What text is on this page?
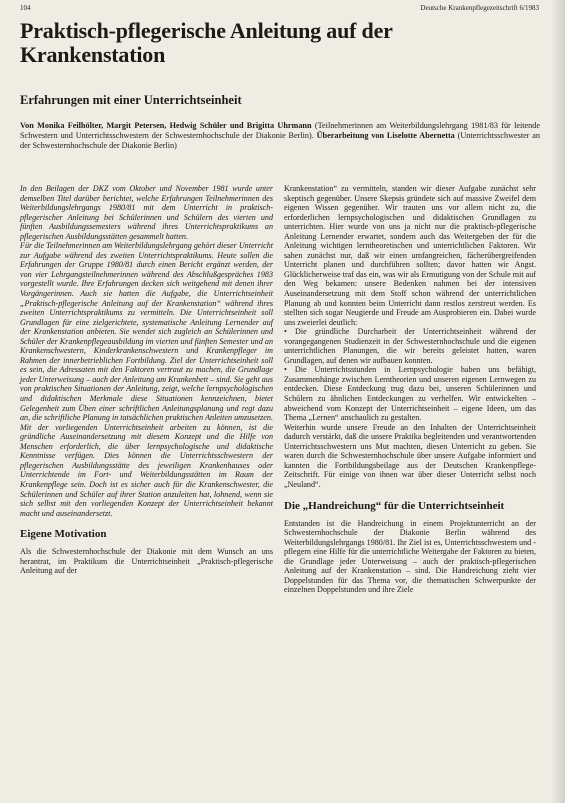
104	Deutsche Krankenpflegezeitschrift 6/1983
Praktisch-pflegerische Anleitung auf der Krankenstation
Erfahrungen mit einer Unterrichtseinheit

Von Monika Feilhölter, Margit Petersen, Hedwig Schüler und Brigitta Uhrmann (Teilnehmerinnen am Weiterbildungslehrgang 1981/83 für leitende Schwestern und Unterrichtsschwestern der Schwesternhochschule der Diakonie Berlin). Überarbeitung von Liselotte Abernetta (Unterrichtsschwester an der Schwesternhochschule der Diakonie Berlin)

In den Beilagen der DKZ vom Oktober und November 1981 wurde unter demselben Titel darüber berichtet, welche Erfahrungen Teilnehmerinnen des Weiterbildungslehrgangs 1980/81 mit dem Unterricht in praktisch-pflegerischer Anleitung bei Schülerinnen und Schülern des vierten und fünften Ausbildungssemesters während ihres Unterrichtspraktikums an pflegerischen Ausbildungsstätten gesammelt hatten.

Für die Teilnehmerinnen am Weiterbildungslehrgang gehört dieser Unterricht zur Aufgabe während des zweiten Unterrichtspraktikums. Heute sollen die Erfahrungen der Gruppe 1980/81 durch einen Bericht ergänzt werden, der von vier Lehrgangsteilnehmerinnen während des Abschlußgespräches 1983 vorgestellt wurde. Ihre Erfahrungen decken sich weitgehend mit denen ihrer Vorgängerinnen. Auch sie hatten die Aufgabe, die Unterrichtseinheit „Praktisch-pflegerische Anleitung auf der Krankenstation“ während ihres zweiten Unterrichtspraktikums zu vermitteln. Die Unterrichtseinheit soll Grundlagen für eine zielgerichtete, systematische Anleitung Lernender auf der Krankenstation anbieten. Sie wendet sich zugleich an Schülerinnen und Schüler der Krankenpflegeausbildung im vierten und fünften Semester und an Krankenschwestern, Kinderkrankenschwestern und Krankenpfleger im Rahmen der innerbetrieblichen Fortbildung. Ziel der Unterrichtseinheit soll es sein, die Adressaten mit den Faktoren vertraut zu machen, die Grundlage jeder Unterweisung – auch der Anleitung am Krankenbett – sind. Sie geht aus von praktischen Situationen der Anleitung, zeigt, welche lernpsychologischen und didaktischen Merkmale diese Situationen kennzeichnen, bietet Gelegenheit zum Üben einer schriftlichen Anleitungsplanung und regt dazu an, die schriftliche Planung in tatsächlichen praktischen Anleiten umzusetzen.

Mit der vorliegenden Unterrichtseinheit arbeiten zu können, ist die gründliche Auseinandersetzung mit diesem Konzept und die Hilfe von Menschen erforderlich, die über lernpsychologische und didaktische Kenntnisse verfügen. Dies können die Unterrichtsschwestern der pflegerischen Ausbildungsstätte des jeweiligen Krankenhauses oder Unterrichtende im Fort- und Weiterbildungsstätten im Raum der Krankenpflege sein. Doch ist es sicher auch für die Krankenschwester, die Schülerinnen und Schüler auf ihrer Station anzuleiten hat, lohnend, wenn sie sich selbst mit den vorliegenden Konzept der Unterrichtseinheit bekannt macht und auseinandersetzt.

Eigene Motivation

Als die Schwesternhochschule der Diakonie mit dem Wunsch an uns herantrat, im Praktikum die Unterrichtseinheit „Praktisch-pflegerische Anleitung auf der

Krankenstation“ zu vermitteln, standen wir dieser Aufgabe zunächst sehr skeptisch gegenüber. Unsere Skepsis gründete sich auf massive Zweifel dem eigenen Wissen gegenüber. Wir trauten uns vor allem nicht zu, die erforderlichen lernpsychologischen und didaktischen Grundlagen zu unterrichten. Hier wurde von uns ja nicht nur die praktisch-pflegerische Anleitung Lernender erwartet, sondern auch das Weitergeben der für die Anleitung wichtigen lerntheoretischen und unterrichtlichen Faktoren. Wir sahen zunächst nur, daß wir einen umfangreichen, fächerübergreifenden Unterricht planen und durchführen sollten; davor hatten wir Angst. Glücklicherweise traf das ein, was wir als Ermutigung von der Schule mit auf den Weg bekamen: unsere Bedenken nahmen bei der intensiven Auseinandersetzung mit dem Stoff schon während der unterrichtlichen Planung ab und konnten beim Unterricht dann restlos zerstreut werden. Es stellten sich sogar Neugierde und Freude am Ausprobieren ein. Dabei wurde uns zweierlei deutlich:

• Die gründliche Durcharbeit der Unterrichtseinheit während der vorangegangenen Studienzeit in der Schwesternhochschule und die eigenen unterrichtlichen Planungen, die wir bereits geleistet hatten, waren Grundlagen, auf denen wir aufbauen konnten.

• Die Unterrichtsstunden in Lernpsychologie haben uns befähigt, Zusammenhänge zwischen Lerntheorien und unseren eigenen Lernwegen zu entdecken. Diese Entdeckung trug dazu bei, unseren Schülerinnen und Schülern zu ähnlichen Entdeckungen zu verhelfen. Wir entwickelten – abweichend vom Konzept der Unterrichtseinheit – eigene Ideen, um das Thema „Lernen“ anschaulich zu gestalten.

Weiterhin wurde unsere Freude an den Inhalten der Unterrichtseinheit dadurch verstärkt, daß die unsere Praktika begleitenden und verantwortenden Unterrichtsschwestern uns Mut machten, diesen Unterricht zu geben. Sie waren durch die Schwesternhochschule über unsere Aufgabe informiert und kannten die Fortbildungsbeilage aus der Deutschen Krankenpflege-Zeitschrift. Für einige von ihnen war über dieser Unterricht selbst noch „Neuland“.

Die „Handreichung“ für die Unterrichtseinheit

Entstanden ist die Handreichung in einem Projektunterricht an der Schwesternhochschule der Diakonie Berlin während des Weiterbildungslehrgangs 1980/81. Ihr Ziel ist es, Unterrichtsschwestern und -pflegern eine Hilfe für die unterrichtliche Weitergabe der Faktoren zu bieten, die Grundlage jeder Unterweisung – auch der praktisch-pflegerischen Anleitung auf der Krankenstation – sind. Die Handreichung zieht vier Doppelstunden für das Thema vor, die thematischen Schwerpunkte der einzelnen Doppelstunden und ihre Ziele
